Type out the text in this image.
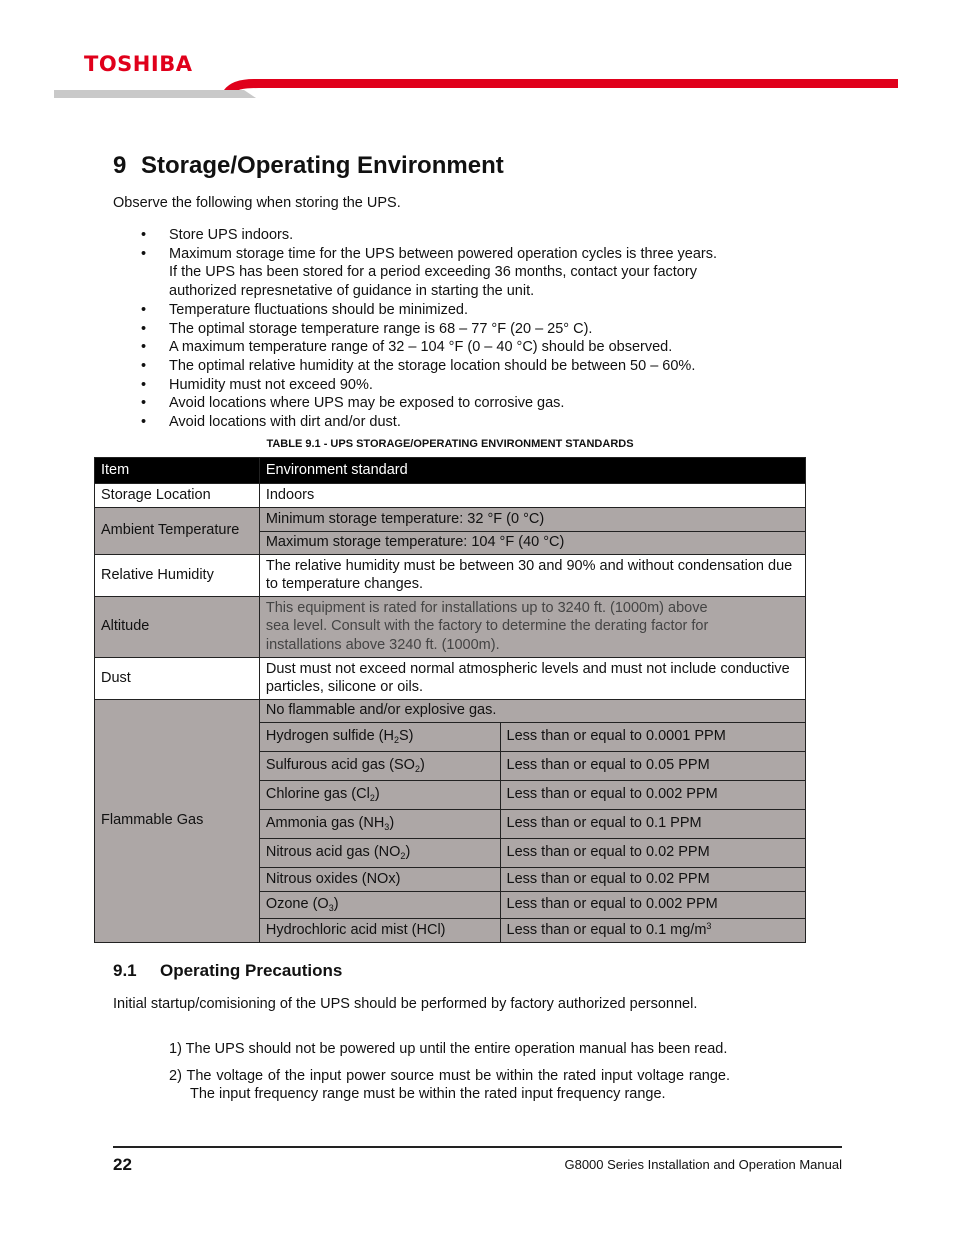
TOSHIBA
9 Storage/Operating Environment
Observe the following when storing the UPS.
• Store UPS indoors.
• Maximum storage time for the UPS between powered operation cycles is three years.
If the UPS has been stored for a period exceeding 36 months, contact your factory
authorized represnetative of guidance in starting the unit.
• Temperature fluctuations should be minimized.
• The optimal storage temperature range is 68 – 77 °F (20 – 25° C).
• A maximum temperature range of 32 – 104 °F (0 – 40 °C) should be observed.
• The optimal relative humidity at the storage location should be between 50 – 60%.
• Humidity must not exceed 90%.
• Avoid locations where UPS may be exposed to corrosive gas.
• Avoid locations with dirt and/or dust.
TABLE 9.1 - UPS STORAGE/OPERATING ENVIRONMENT STANDARDS
Item	Environment standard	
Storage Location	Indoors	
Ambient Temperature	Minimum storage temperature: 32 °F (0 °C)	
	Maximum storage temperature: 104 °F (40 °C)	
Relative Humidity	The relative humidity must be between 30 and 90% and without condensation due to temperature changes.	
Altitude	This equipment is rated for installations up to 3240 ft. (1000m) above
sea level. Consult with the factory to determine the derating factor for
installations above 3240 ft. (1000m).	
Dust	Dust must not exceed normal atmospheric levels and must not include conductive particles, silicone or oils.	
Flammable Gas	No flammable and/or explosive gas.	
	Hydrogen sulfide $(H_2S)$	Less than or equal to 0.0001 PPM
	Sulfurous acid gas $(SO_2)$	Less than or equal to 0.05 PPM
	Chlorine gas $(Cl_2)$	Less than or equal to 0.002 PPM
	Ammonia gas $(NH_3)$	Less than or equal to 0.1 PPM
	Nitrous acid gas $(NO_2)$	Less than or equal to 0.02 PPM
	Nitrous oxides (NOx)	Less than or equal to 0.02 PPM
	Ozone $(O_3)$	Less than or equal to 0.002 PPM
	Hydrochloric acid mist (HCl)	Less than or equal to 0.1 $mg/m^3$
9.1 Operating Precautions
Initial startup/comisioning of the UPS should be performed by factory authorized personnel.
1) The UPS should not be powered up until the entire operation manual has been read.
2) The voltage of the input power source must be within the rated input voltage range. The input frequency range must be within the rated input frequency range.
22	G8000 Series Installation and Operation Manual
